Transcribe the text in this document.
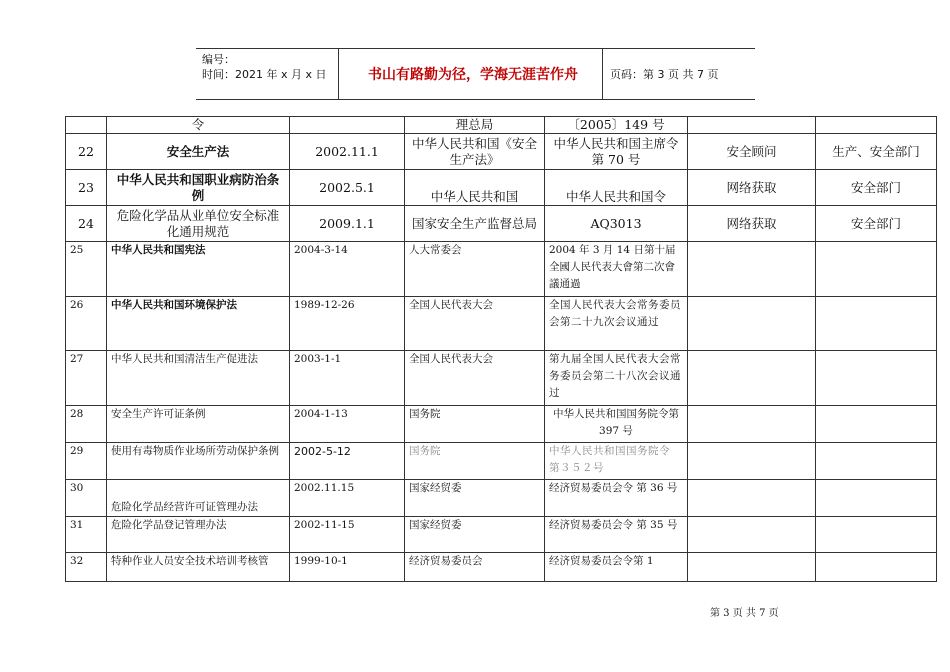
编号：
时间：2021 年 x 月 x 日	书山有路勤为径，学海无涯苦作舟	页码：第 3 页 共 7 页
	令		理总局	〔2005〕149 号		
22	安全生产法	2002.11.1	中华人民共和国《安全生产法》	中华人民共和国主席令第 70 号	安全顾问	生产、安全部门
23	中华人民共和国职业病防治条例	2002.5.1	中华人民共和国	中华人民共和国令	网络获取	安全部门
24	危险化学品从业单位安全标准化通用规范	2009.1.1	国家安全生产监督总局	AQ3013	网络获取	安全部门
25	中华人民共和国宪法	2004-3-14	人大常委会	2004 年 3 月 14 日第十届全國人民代表大會第二次會議通過		
26	中华人民共和国环境保护法	1989-12-26	全国人民代表大会	全国人民代表大会常务委员会第二十九次会议通过		
27	中华人民共和国清洁生产促进法	2003-1-1	全国人民代表大会	第九届全国人民代表大会常务委员会第二十八次会议通过		
28	安全生产许可证条例	2004-1-13	国务院	中华人民共和国国务院令第 397 号		
29	使用有毒物质作业场所劳动保护条例	2002-5-12	国务院	中华人民共和国国务院令 第３５２号		
30	危险化学品经营许可证管理办法	2002.11.15	国家经贸委	经济贸易委员会令 第 36 号		
31	危险化学品登记管理办法	2002-11-15	国家经贸委	经济贸易委员会令 第 35 号		
32	特种作业人员安全技术培训考核管	1999-10-1	经济贸易委员会	经济贸易委员会令第 1		
第 3 页 共 7 页
